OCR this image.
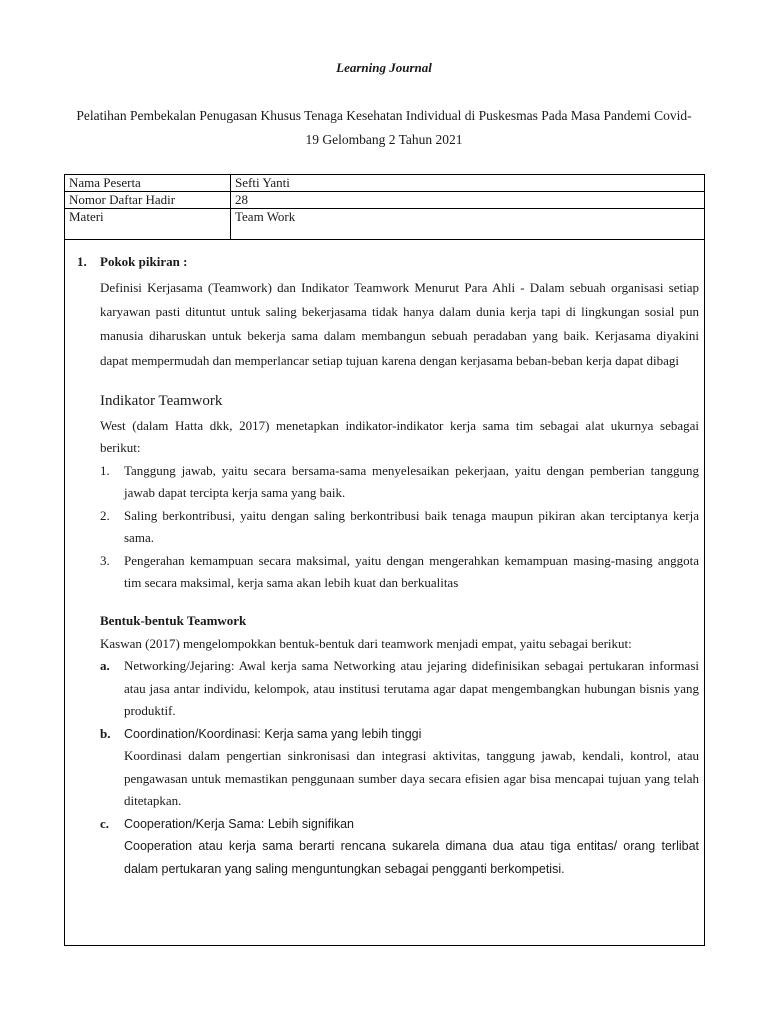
Learning Journal
Pelatihan Pembekalan Penugasan Khusus Tenaga Kesehatan Individual di Puskesmas Pada Masa Pandemi Covid-19 Gelombang 2 Tahun 2021
Nama Peserta	Sefti Yanti
Nomor Daftar Hadir	28
Materi	Team Work
1. Pokok pikiran :

Definisi Kerjasama (Teamwork) dan Indikator Teamwork Menurut Para Ahli - Dalam sebuah organisasi setiap karyawan pasti dituntut untuk saling bekerjasama tidak hanya dalam dunia kerja tapi di lingkungan sosial pun manusia diharuskan untuk bekerja sama dalam membangun sebuah peradaban yang baik. Kerjasama diyakini dapat mempermudah dan memperlancar setiap tujuan karena dengan kerjasama beban-beban kerja dapat dibagi

Indikator Teamwork

West (dalam Hatta dkk, 2017) menetapkan indikator-indikator kerja sama tim sebagai alat ukurnya sebagai berikut:

1. Tanggung jawab, yaitu secara bersama-sama menyelesaikan pekerjaan, yaitu dengan pemberian tanggung jawab dapat tercipta kerja sama yang baik.
2. Saling berkontribusi, yaitu dengan saling berkontribusi baik tenaga maupun pikiran akan terciptanya kerja sama.
3. Pengerahan kemampuan secara maksimal, yaitu dengan mengerahkan kemampuan masing-masing anggota tim secara maksimal, kerja sama akan lebih kuat dan berkualitas
Bentuk-bentuk Teamwork

Kaswan (2017) mengelompokkan bentuk-bentuk dari teamwork menjadi empat, yaitu sebagai berikut:

a. Networking/Jejaring: Awal kerja sama Networking atau jejaring didefinisikan sebagai pertukaran informasi atau jasa antar individu, kelompok, atau institusi terutama agar dapat mengembangkan hubungan bisnis yang produktif.
b. Coordination/Koordinasi: Kerja sama yang lebih tinggi
Koordinasi dalam pengertian sinkronisasi dan integrasi aktivitas, tanggung jawab, kendali, kontrol, atau pengawasan untuk memastikan penggunaan sumber daya secara efisien agar bisa mencapai tujuan yang telah ditetapkan.
c. Cooperation/Kerja Sama: Lebih signifikan
Cooperation atau kerja sama berarti rencana sukarela dimana dua atau tiga entitas/ orang terlibat dalam pertukaran yang saling menguntungkan sebagai pengganti berkompetisi.
